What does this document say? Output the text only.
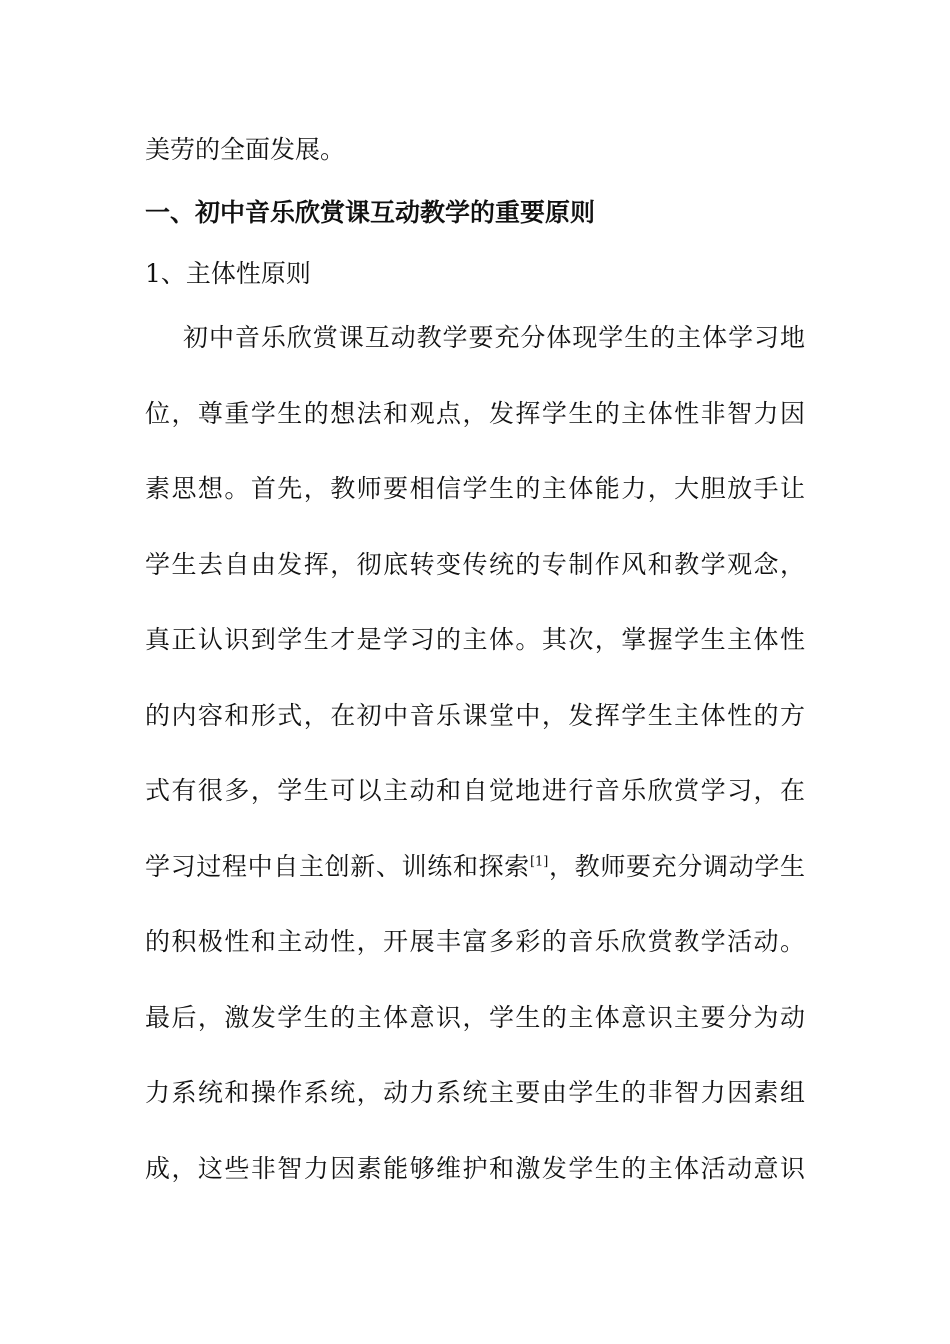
美劳的全面发展。
一、初中音乐欣赏课互动教学的重要原则
1、主体性原则
初中音乐欣赏课互动教学要充分体现学生的主体学习地
位，尊重学生的想法和观点，发挥学生的主体性非智力因
素思想。首先，教师要相信学生的主体能力，大胆放手让
学生去自由发挥，彻底转变传统的专制作风和教学观念，
真正认识到学生才是学习的主体。其次，掌握学生主体性
的内容和形式，在初中音乐课堂中，发挥学生主体性的方
式有很多，学生可以主动和自觉地进行音乐欣赏学习，在
学习过程中自主创新、训练和探索[1]，教师要充分调动学生
的积极性和主动性，开展丰富多彩的音乐欣赏教学活动。
最后，激发学生的主体意识，学生的主体意识主要分为动
力系统和操作系统，动力系统主要由学生的非智力因素组
成，这些非智力因素能够维护和激发学生的主体活动意识
